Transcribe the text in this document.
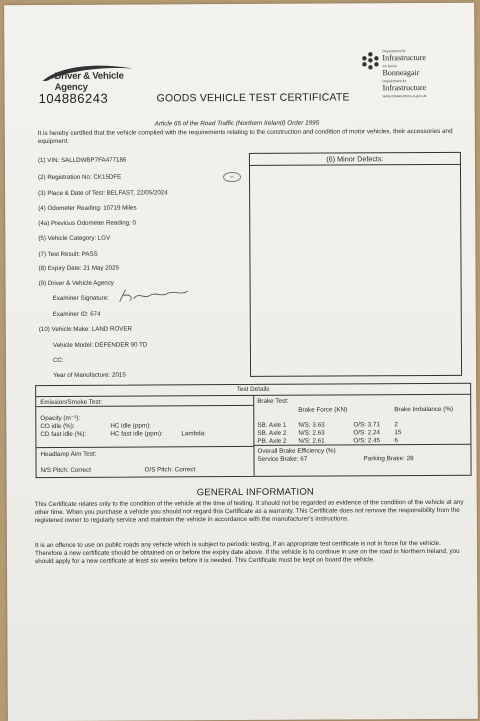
Driver & Vehicle Agency
104886243	GOODS VEHICLE TEST CERTIFICATE
Department for
Infrastructure
An Roinn
Bonneagair
Depairtment fur
Infrastructure
www.infrastructure-ni.gov.uk
Article 65 of the Road Traffic (Northern Ireland) Order 1995
It is hereby certified that the vehicle complied with the requirements relating to the construction and condition of motor vehicles, their accessories and equipment.
(1) VIN: SALLDWBP7FA477186
(2) Registration No: CK15DFE
(3) Place & Date of Test: BELFAST, 22/05/2024
(4) Odometer Reading: 10719 Miles
(4a) Previous Odometer Reading: 0
(5) Vehicle Category: LGV
(7) Test Result: PASS
(8) Expiry Date: 21 May 2025
(9) Driver & Vehicle Agency
Examiner Signature:
Examiner ID: 674
(10) Vehicle Make: LAND ROVER
Vehicle Model: DEFENDER 90 TD
CC:
Year of Manufacture: 2015
OS
(6) Minor Defects:
Test Details
Emission/Smoke Test:
Opacity (m⁻¹):
CO idle (%):
CD fast idle (%):
HC idle (ppm):
HC fast idle (ppm):	Lambda:
Headlamp Aim Test:
N/S Pitch: Correct	O/S Pitch: Correct
Brake Test:
Brake Force (KN)	Brake Imbalance (%)
SB. Axle 1 N/S: 3.63	O/S: 3.71 2
SB. Axle 2 N/S: 2.63	O/S: 2.24 15
PB. Axle 2 N/S: 2.61	O/S: 2.45 6
Overall Brake Efficiency (%)
Service Brake: 67	Parking Brake: 28
GENERAL INFORMATION
This Certificate relates only to the condition of the vehicle at the time of testing. It should not be regarded as evidence of the condition of the vehicle at any other time. When you purchase a vehicle you should not regard this Certificate as a warranty. This Certificate does not remove the responsibility from the registered owner to regularly service and maintain the vehicle in accordance with the manufacturer's instructions.
It is an offence to use on public roads any vehicle which is subject to periodic testing, if an appropriate test certificate is not in force for the vehicle. Therefore a new certificate should be obtained on or before the expiry date above. If the vehicle is to continue in use on the road in Northern Ireland, you should apply for a new certificate at least six weeks before it is needed. This Certificate must be kept on board the vehicle.
